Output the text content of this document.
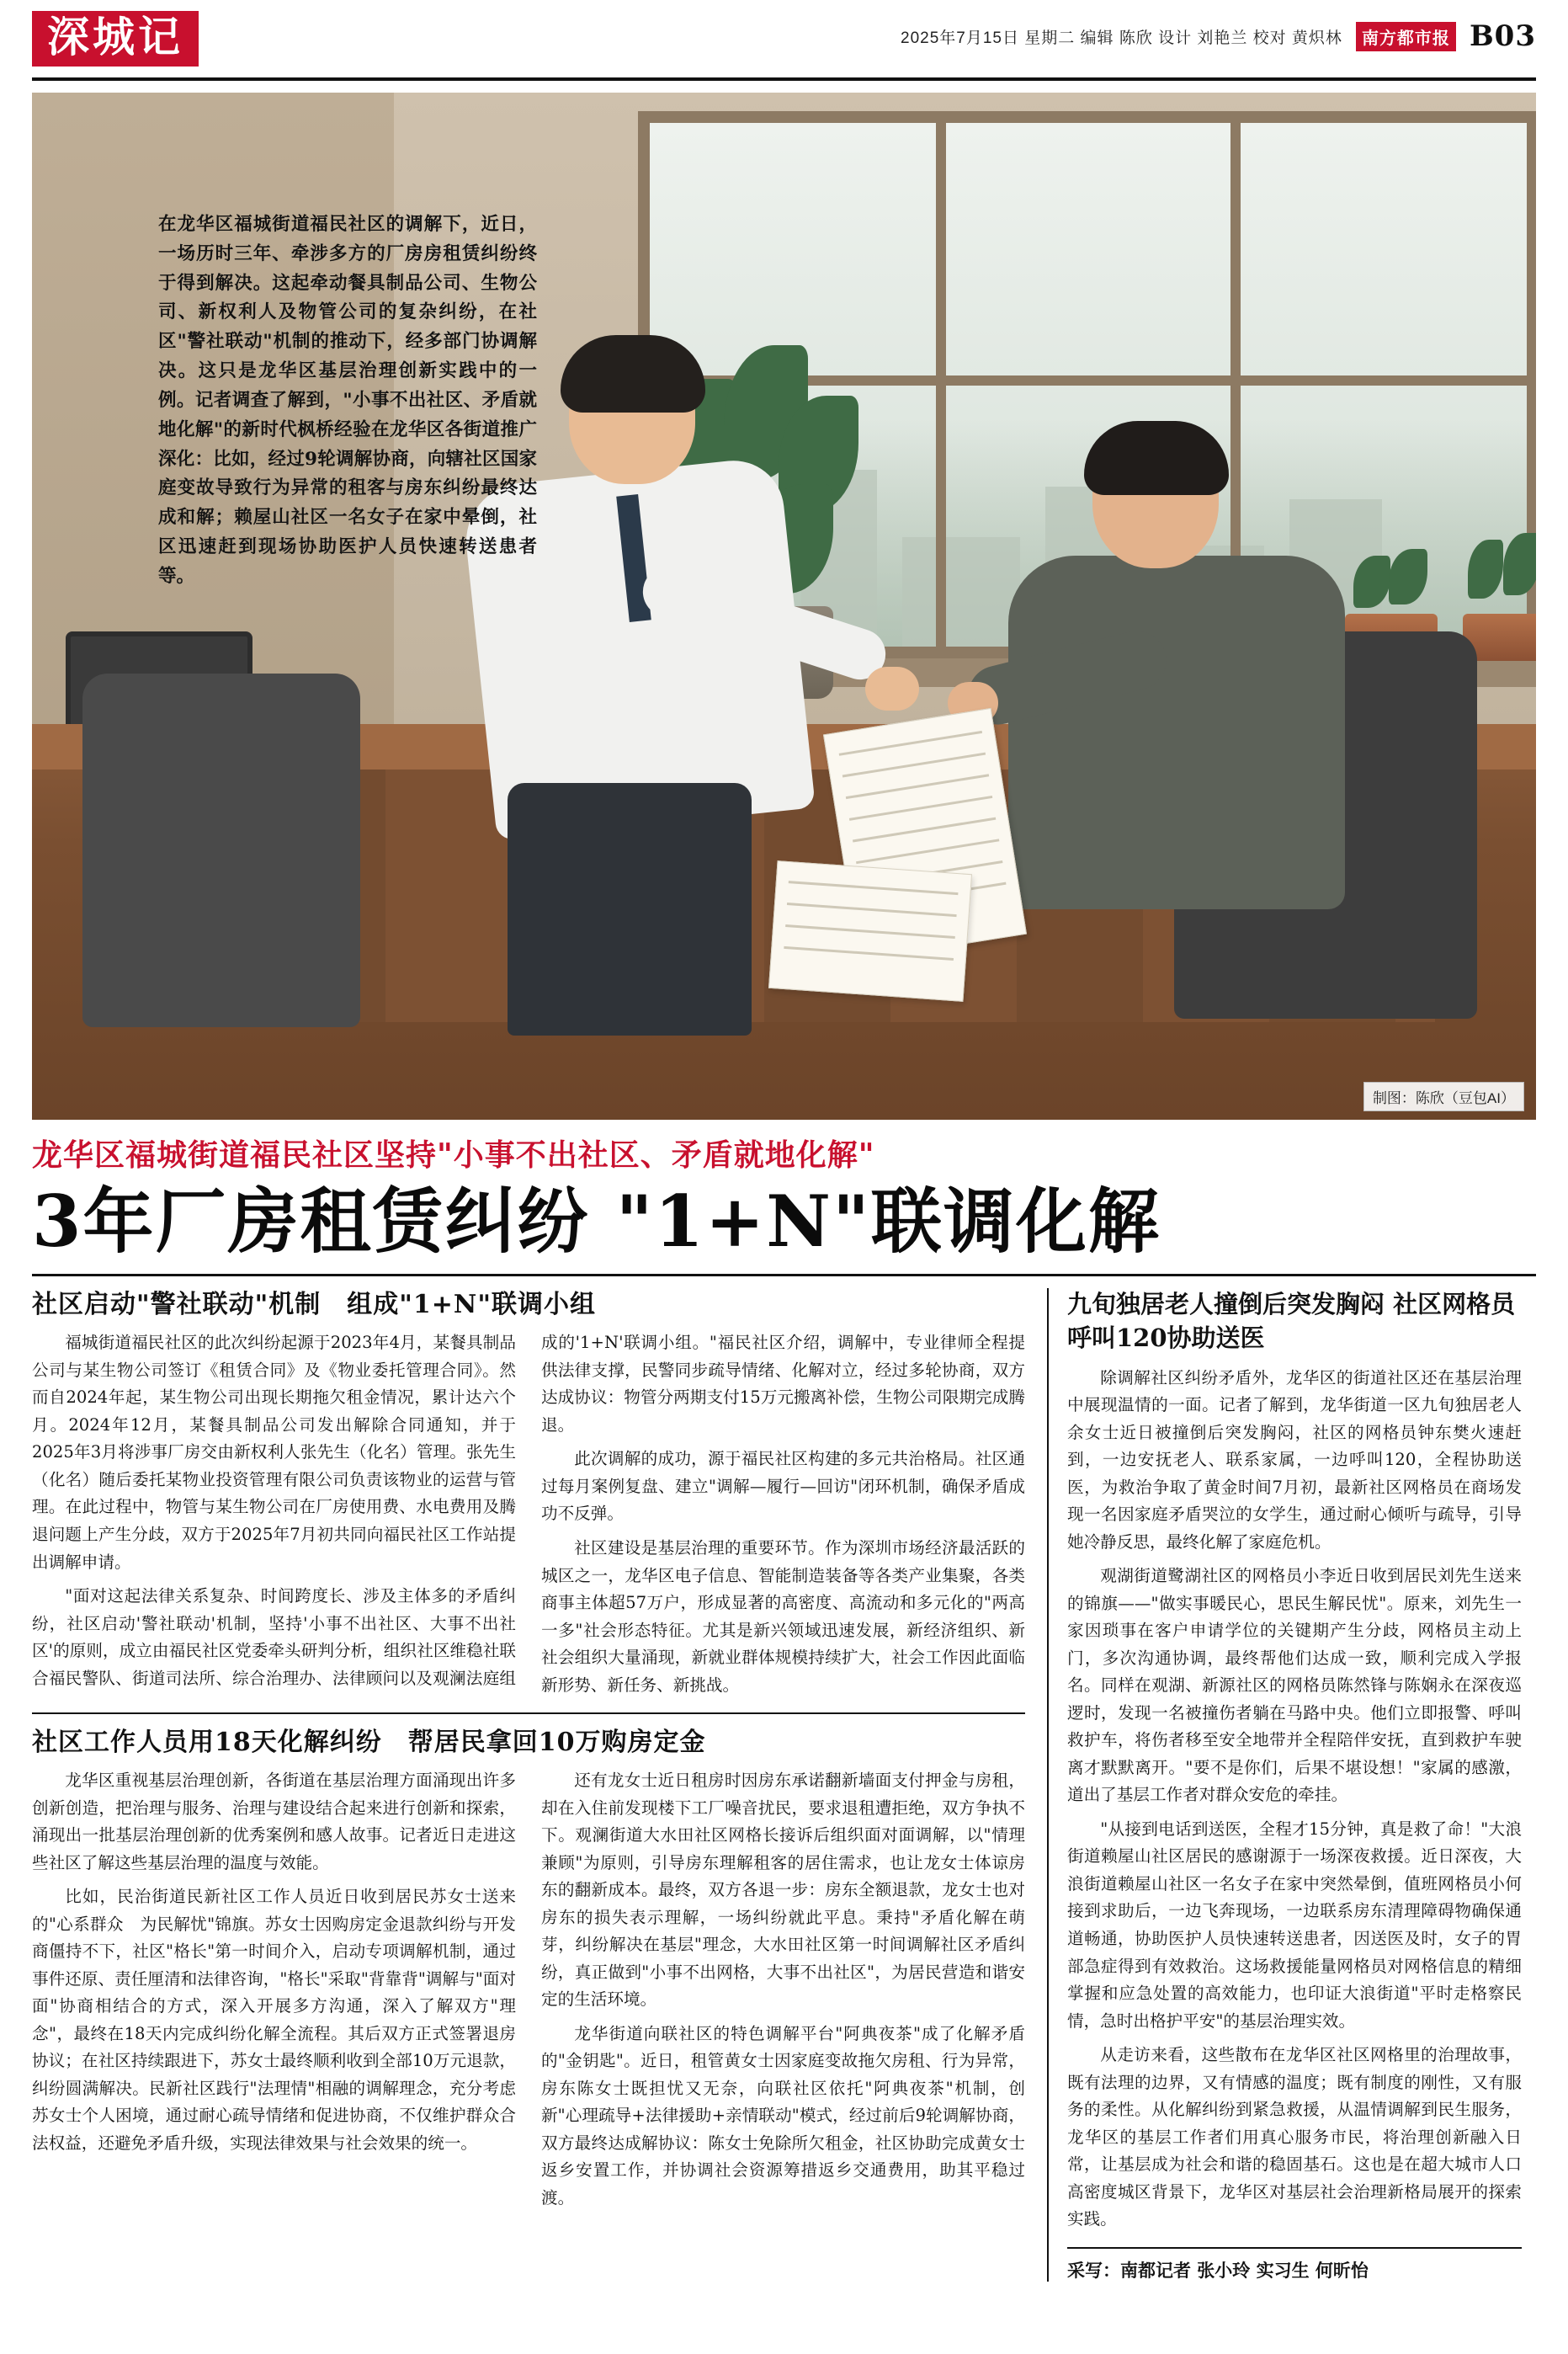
深城记	2025年7月15日 星期二 编辑 陈欣 设计 刘艳兰 校对 黄炽林	南方都市报 B03
在龙华区福城街道福民社区的调解下，近日，一场历时三年、牵涉多方的厂房房租赁纠纷终于得到解决。这起牵动餐具制品公司、生物公司、新权利人及物管公司的复杂纠纷，在社区"警社联动"机制的推动下，经多部门协调解决。这只是龙华区基层治理创新实践中的一例。记者调查了解到，"小事不出社区、矛盾就地化解"的新时代枫桥经验在龙华区各街道推广深化：比如，经过9轮调解协商，向辖社区国家庭变故导致行为异常的租客与房东纠纷最终达成和解；赖屋山社区一名女子在家中晕倒，社区迅速赶到现场协助医护人员快速转送患者等。
制图：陈欣（豆包AI）
龙华区福城街道福民社区坚持"小事不出社区、矛盾就地化解"
3年厂房租赁纠纷 "1+N"联调化解
社区启动"警社联动"机制　组成"1+N"联调小组

福城街道福民社区的此次纠纷起源于2023年4月，某餐具制品公司与某生物公司签订《租赁合同》及《物业委托管理合同》。然而自2024年起，某生物公司出现长期拖欠租金情况，累计达六个月。2024年12月，某餐具制品公司发出解除合同通知，并于2025年3月将涉事厂房交由新权利人张先生（化名）管理。张先生（化名）随后委托某物业投资管理有限公司负责该物业的运营与管理。在此过程中，物管与某生物公司在厂房使用费、水电费用及腾退问题上产生分歧，双方于2025年7月初共同向福民社区工作站提出调解申请。

"面对这起法律关系复杂、时间跨度长、涉及主体多的矛盾纠纷，社区启动'警社联动'机制，坚持'小事不出社区、大事不出社区'的原则，成立由福民社区党委牵头研判分析，组织社区维稳社联合福民警队、街道司法所、综合治理办、法律顾问以及观澜法庭组成的'1+N'联调小组。"福民社区介绍，调解中，专业律师全程提供法律支撑，民警同步疏导情绪、化解对立，经过多轮协商，双方达成协议：物管分两期支付15万元搬离补偿，生物公司限期完成腾退。

此次调解的成功，源于福民社区构建的多元共治格局。社区通过每月案例复盘、建立"调解—履行—回访"闭环机制，确保矛盾成功不反弹。

社区建设是基层治理的重要环节。作为深圳市场经济最活跃的城区之一，龙华区电子信息、智能制造装备等各类产业集聚，各类商事主体超57万户，形成显著的高密度、高流动和多元化的"两高一多"社会形态特征。尤其是新兴领域迅速发展，新经济组织、新社会组织大量涌现，新就业群体规模持续扩大，社会工作因此面临新形势、新任务、新挑战。

社区工作人员用18天化解纠纷　帮居民拿回10万购房定金

龙华区重视基层治理创新，各街道在基层治理方面涌现出许多创新创造，把治理与服务、治理与建设结合起来进行创新和探索，涌现出一批基层治理创新的优秀案例和感人故事。记者近日走进这些社区了解这些基层治理的温度与效能。

比如，民治街道民新社区工作人员近日收到居民苏女士送来的"心系群众　为民解忧"锦旗。苏女士因购房定金退款纠纷与开发商僵持不下，社区"格长"第一时间介入，启动专项调解机制，通过事件还原、责任厘清和法律咨询，"格长"采取"背靠背"调解与"面对面"协商相结合的方式，深入开展多方沟通，深入了解双方"理念"，最终在18天内完成纠纷化解全流程。其后双方正式签署退房协议；在社区持续跟进下，苏女士最终顺利收到全部10万元退款，纠纷圆满解决。民新社区践行"法理情"相融的调解理念，充分考虑苏女士个人困境，通过耐心疏导情绪和促进协商，不仅维护群众合法权益，还避免矛盾升级，实现法律效果与社会效果的统一。

还有龙女士近日租房时因房东承诺翻新墙面支付押金与房租，却在入住前发现楼下工厂噪音扰民，要求退租遭拒绝，双方争执不下。观澜街道大水田社区网格长接诉后组织面对面调解，以"情理兼顾"为原则，引导房东理解租客的居住需求，也让龙女士体谅房东的翻新成本。最终，双方各退一步：房东全额退款，龙女士也对房东的损失表示理解，一场纠纷就此平息。秉持"矛盾化解在萌芽，纠纷解决在基层"理念，大水田社区第一时间调解社区矛盾纠纷，真正做到"小事不出网格，大事不出社区"，为居民营造和谐安定的生活环境。

龙华街道向联社区的特色调解平台"阿典夜茶"成了化解矛盾的"金钥匙"。近日，租管黄女士因家庭变故拖欠房租、行为异常，房东陈女士既担忧又无奈，向联社区依托"阿典夜茶"机制，创新"心理疏导+法律援助+亲情联动"模式，经过前后9轮调解协商，双方最终达成解协议：陈女士免除所欠租金，社区协助完成黄女士返乡安置工作，并协调社会资源筹措返乡交通费用，助其平稳过渡。

九旬独居老人撞倒后突发胸闷 社区网格员呼叫120协助送医

除调解社区纠纷矛盾外，龙华区的街道社区还在基层治理中展现温情的一面。记者了解到，龙华街道一区九旬独居老人余女士近日被撞倒后突发胸闷，社区的网格员钟东樊火速赶到，一边安抚老人、联系家属，一边呼叫120，全程协助送医，为救治争取了黄金时间7月初，最新社区网格员在商场发现一名因家庭矛盾哭泣的女学生，通过耐心倾听与疏导，引导她冷静反思，最终化解了家庭危机。

观湖街道鹭湖社区的网格员小李近日收到居民刘先生送来的锦旗——"做实事暖民心，思民生解民忧"。原来，刘先生一家因琐事在客户申请学位的关键期产生分歧，网格员主动上门，多次沟通协调，最终帮他们达成一致，顺利完成入学报名。同样在观湖、新源社区的网格员陈然锋与陈娴永在深夜巡逻时，发现一名被撞伤者躺在马路中央。他们立即报警、呼叫救护车，将伤者移至安全地带并全程陪伴安抚，直到救护车驶离才默默离开。"要不是你们，后果不堪设想！"家属的感激，道出了基层工作者对群众安危的牵挂。

"从接到电话到送医，全程才15分钟，真是救了命！"大浪街道赖屋山社区居民的感谢源于一场深夜救援。近日深夜，大浪街道赖屋山社区一名女子在家中突然晕倒，值班网格员小何接到求助后，一边飞奔现场，一边联系房东清理障碍物确保通道畅通，协助医护人员快速转送患者，因送医及时，女子的胃部急症得到有效救治。这场救援能量网格员对网格信息的精细掌握和应急处置的高效能力，也印证大浪街道"平时走格察民情，急时出格护平安"的基层治理实效。

从走访来看，这些散布在龙华区社区网格里的治理故事，既有法理的边界，又有情感的温度；既有制度的刚性，又有服务的柔性。从化解纠纷到紧急救援，从温情调解到民生服务，龙华区的基层工作者们用真心服务市民，将治理创新融入日常，让基层成为社会和谐的稳固基石。这也是在超大城市人口高密度城区背景下，龙华区对基层社会治理新格局展开的探索实践。

采写：南都记者 张小玲 实习生 何昕怡
